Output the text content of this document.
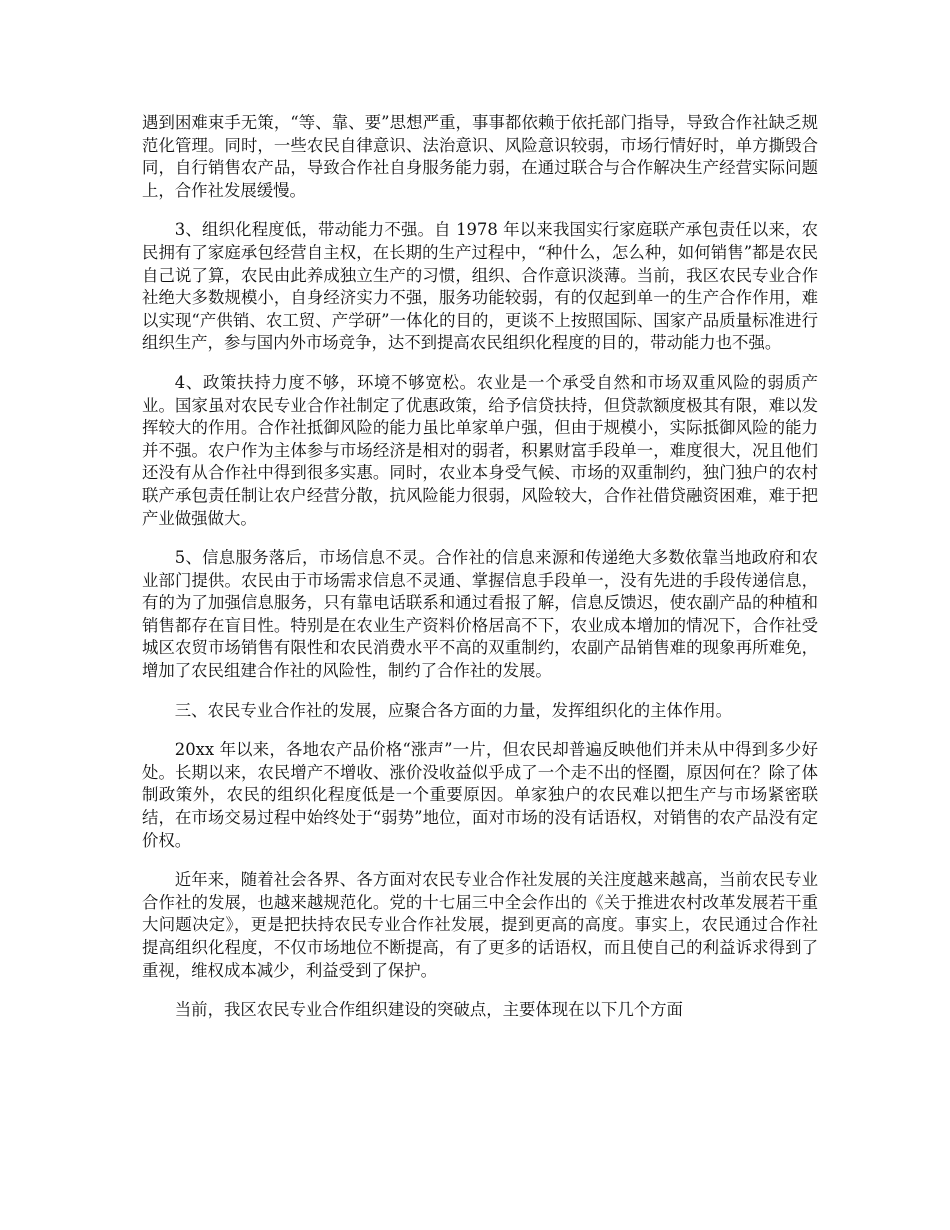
遇到困难束手无策，“等、靠、要”思想严重，事事都依赖于依托部门指导，导致合作社缺乏规范化管理。同时，一些农民自律意识、法治意识、风险意识较弱，市场行情好时，单方撕毁合同，自行销售农产品，导致合作社自身服务能力弱，在通过联合与合作解决生产经营实际问题上，合作社发展缓慢。

3、组织化程度低，带动能力不强。自 1978 年以来我国实行家庭联产承包责任以来，农民拥有了家庭承包经营自主权，在长期的生产过程中，“种什么，怎么种，如何销售”都是农民自己说了算，农民由此养成独立生产的习惯，组织、合作意识淡薄。当前，我区农民专业合作社绝大多数规模小，自身经济实力不强，服务功能较弱，有的仅起到单一的生产合作作用，难以实现“产供销、农工贸、产学研”一体化的目的，更谈不上按照国际、国家产品质量标准进行组织生产，参与国内外市场竞争，达不到提高农民组织化程度的目的，带动能力也不强。

4、政策扶持力度不够，环境不够宽松。农业是一个承受自然和市场双重风险的弱质产业。国家虽对农民专业合作社制定了优惠政策，给予信贷扶持，但贷款额度极其有限，难以发挥较大的作用。合作社抵御风险的能力虽比单家单户强，但由于规模小，实际抵御风险的能力并不强。农户作为主体参与市场经济是相对的弱者，积累财富手段单一，难度很大，况且他们还没有从合作社中得到很多实惠。同时，农业本身受气候、市场的双重制约，独门独户的农村联产承包责任制让农户经营分散，抗风险能力很弱，风险较大，合作社借贷融资困难，难于把产业做强做大。

5、信息服务落后，市场信息不灵。合作社的信息来源和传递绝大多数依靠当地政府和农业部门提供。农民由于市场需求信息不灵通、掌握信息手段单一，没有先进的手段传递信息，有的为了加强信息服务，只有靠电话联系和通过看报了解，信息反馈迟，使农副产品的种植和销售都存在盲目性。特别是在农业生产资料价格居高不下，农业成本增加的情况下，合作社受城区农贸市场销售有限性和农民消费水平不高的双重制约，农副产品销售难的现象再所难免，增加了农民组建合作社的风险性，制约了合作社的发展。

三、农民专业合作社的发展，应聚合各方面的力量，发挥组织化的主体作用。

20xx 年以来，各地农产品价格“涨声”一片，但农民却普遍反映他们并未从中得到多少好处。长期以来，农民增产不增收、涨价没收益似乎成了一个走不出的怪圈，原因何在？除了体制政策外，农民的组织化程度低是一个重要原因。单家独户的农民难以把生产与市场紧密联结，在市场交易过程中始终处于“弱势”地位，面对市场的没有话语权，对销售的农产品没有定价权。

近年来，随着社会各界、各方面对农民专业合作社发展的关注度越来越高，当前农民专业合作社的发展，也越来越规范化。党的十七届三中全会作出的《关于推进农村改革发展若干重大问题决定》，更是把扶持农民专业合作社发展，提到更高的高度。事实上，农民通过合作社提高组织化程度，不仅市场地位不断提高，有了更多的话语权，而且使自己的利益诉求得到了重视，维权成本减少，利益受到了保护。

当前，我区农民专业合作组织建设的突破点，主要体现在以下几个方面
